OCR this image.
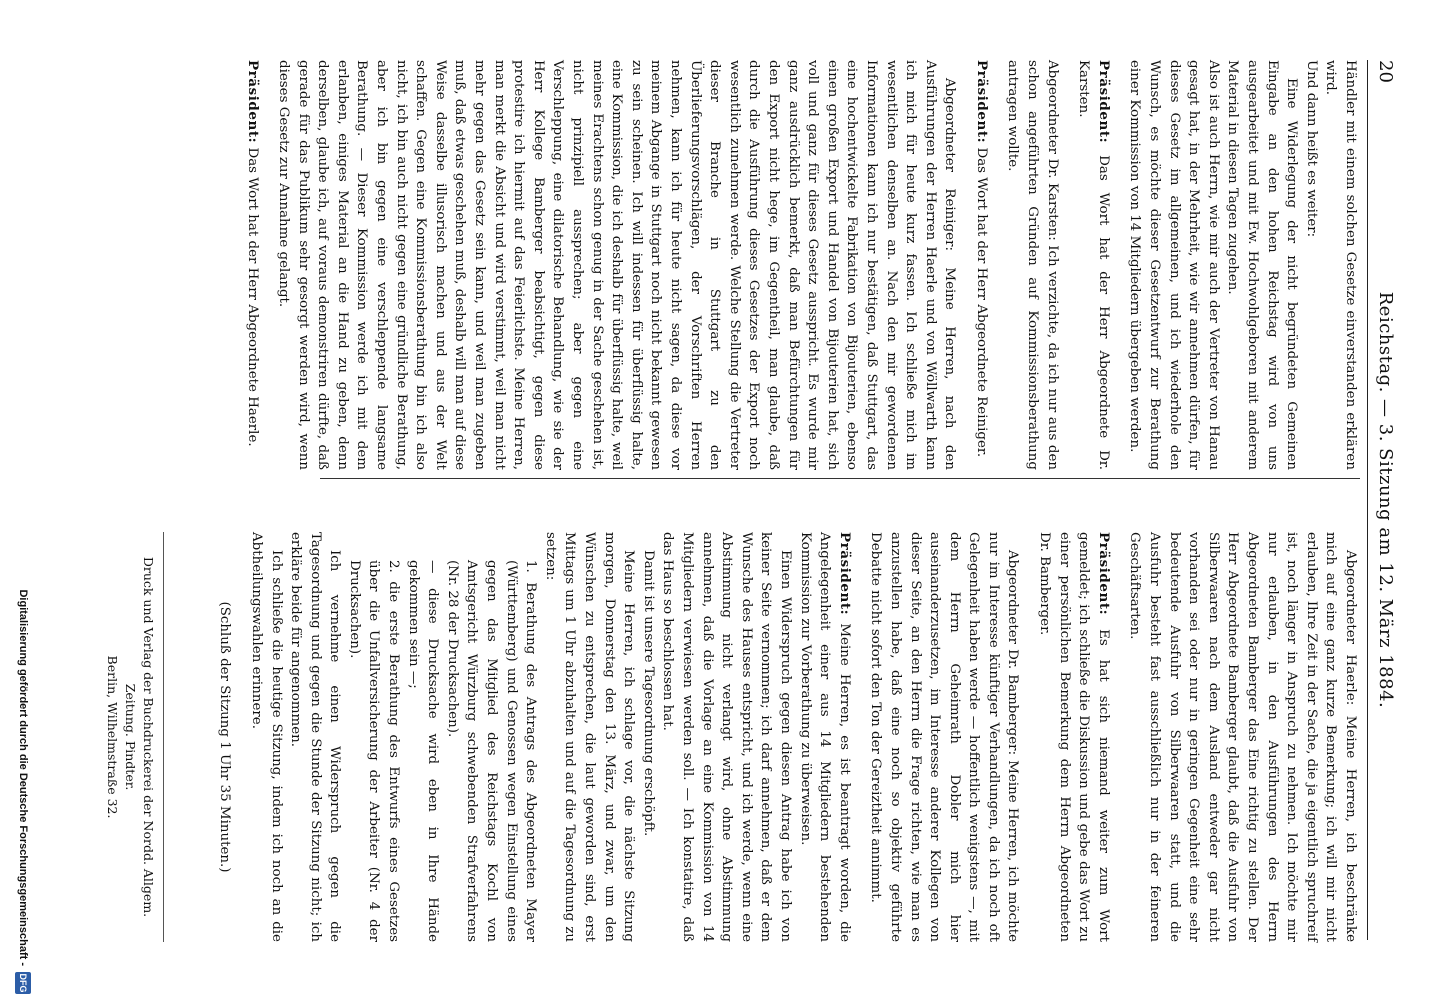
20
Reichstag. — 3. Sitzung am 12. März 1884.

Händler mit einem solchen Gesetze einverstanden erklären wird.

Und dann heißt es weiter:

Eine Widerlegung der nicht begründeten Gemeinen Eingabe an den hohen Reichstag wird von uns ausgearbeitet und mit Ew. Hochwohlgeboren mit anderem Material in diesen Tagen zugehen.

Also ist auch Herrn, wie mir auch der Vertreter von Hanau gesagt hat, in der Mehrheit, wie wir annehmen dürfen, für dieses Gesetz im allgemeinen, und ich wiederhole den Wunsch, es möchte dieser Gesetzentwurf zur Berathung einer Kommission von 14 Mitgliedern übergeben werden.

Präsident: Das Wort hat der Herr Abgeordnete Dr. Karsten.

Abgeordneter Dr. Karsten: Ich verzichte, da ich nur aus den schon angeführten Gründen auf Kommissionsberathung antragen wollte.

Präsident: Das Wort hat der Herr Abgeordnete Reiniger.

Abgeordneter Reiniger: Meine Herren, nach den Ausführungen der Herren Haerle und von Wöllwarth kann ich mich für heute kurz fassen. Ich schließe mich im wesentlichen denselben an. Nach den mir gewordenen Informationen kann ich nur bestätigen, daß Stuttgart, das eine hochentwickelte Fabrikation von Bijouterien, ebenso einen großen Export und Handel von Bijouterien hat, sich voll und ganz für dieses Gesetz ausspricht. Es wurde mir ganz ausdrücklich bemerkt, daß man Befürchtungen für den Export nicht hege, im Gegentheil, man glaube, daß durch die Ausführung dieses Gesetzes der Export noch wesentlich zunehmen werde. Welche Stellung die Vertreter dieser Branche in Stuttgart zu den Überlieferungsvorschlägen, der Vorschriften Herren nehmen, kann ich für heute nicht sagen, da diese vor meinem Abgange in Stuttgart noch nicht bekannt gewesen zu sein scheinen. Ich will indessen für überflüssig halte, eine Kommission, die ich deshalb für überflüssig halte, weil meines Erachtens schon genug in der Sache geschehen ist, nicht prinzipiell aussprechen; aber gegen eine Verschleppung, eine dilatorische Behandlung, wie sie der Herr Kollege Bamberger beabsichtigt, gegen diese protestire ich hiermit auf das Feierlichste. Meine Herren, man merkt die Absicht und wird verstimmt, weil man nicht mehr gegen das Gesetz sein kann, und weil man zugeben muß, daß etwas geschehen muß, deshalb will man auf diese Weise dasselbe illusorisch machen und aus der Welt schaffen. Gegen eine Kommissionsberathung bin ich also nicht, ich bin auch nicht gegen eine gründliche Berathung, aber ich bin gegen eine verschleppende langsame Berathung. — Dieser Kommission werde ich mit dem erlanben, einiges Material an die Hand zu geben, denn derselben, glaube ich, auf voraus demonstriren dürfte, daß gerade für das Publikum sehr gesorgt werden wird, wenn dieses Gesetz zur Annahme gelangt.

Präsident: Das Wort hat der Herr Abgeordnete Haerle.

Abgeordneter Haerle: Meine Herren, ich beschränke mich auf eine ganz kurze Bemerkung; ich will mir nicht erlauben, Ihre Zeit in der Sache, die ja eigentlich spruchreif ist, noch länger in Anspruch zu nehmen. Ich möchte mir nur erlauben, in den Ausführungen des Herrn Abgeordneten Bamberger das Eine richtig zu stellen. Der Herr Abgeordnete Bamberger glaubt, daß die Ausfuhr von Silberwaaren nach dem Ausland entweder gar nicht vorhanden sei oder nur in geringen Gegenheit eine sehr bedeutende Ausfuhr von Silberwaaren statt, und die Ausfuhr besteht fast ausschließlich nur in der feineren Geschäftsarten.

Präsident: Es hat sich niemand weiter zum Wort gemeldet; ich schließe die Diskussion und gebe das Wort zu einer persönlichen Bemerkung dem Herrn Abgeordneten Dr. Bamberger.

Abgeordneter Dr. Bamberger: Meine Herren, ich möchte nur im Interesse künftiger Verhandlungen, da ich noch oft Gelegenheit haben werde — hoffentlich wenigstens —, mit dem Herrn Geheimrath Dobler mich hier auseinanderzusetzen, im Interesse anderer Kollegen von dieser Seite, an den Herrn die Frage richten, wie man es anzustellen habe, daß eine noch so objektiv geführte Debatte nicht sofort den Ton der Gereiztheit annimmt.

Präsident: Meine Herren, es ist beantragt worden, die Angelegenheit einer aus 14 Mitgliedern bestehenden Kommission zur Vorberathung zu überweisen.

Einen Widerspruch gegen diesen Antrag habe ich von keiner Seite vernommen; ich darf annehmen, daß er dem Wunsche des Hauses entspricht, und ich werde, wenn eine Abstimmung nicht verlangt wird, ohne Abstimmung annehmen, daß die Vorlage an eine Kommission von 14 Mitgliedern verwiesen werden soll. — Ich konstatire, daß das Haus so beschlossen hat.

Damit ist unsere Tagesordnung erschöpft.

Meine Herren, ich schlage vor, die nächste Sitzung morgen, Donnerstag den 13. März, und zwar, um den Wünschen zu entsprechen, die laut geworden sind, erst Mittags um 1 Uhr abzuhalten und auf die Tagesordnung zu setzen:

1. Berathung des Antrags des Abgeordneten Mayer (Württemberg) und Genossen wegen Einstellung eines gegen das Mitglied des Reichstags Kochl von Amtsgericht Würzburg schwebenden Strafverfahrens (Nr. 28 der Drucksachen).

— diese Drucksache wird eben in Ihre Hände gekommen sein —;

2. die erste Berathung des Entwurfs eines Gesetzes über die Unfallversicherung der Arbeiter (Nr. 4 der Drucksachen).

Ich vernehme einen Widerspruch gegen die Tagesordnung und gegen die Stunde der Sitzung nicht; ich erkläre beide für angenommen.

Ich schließe die heutige Sitzung, indem ich noch an die Abtheilungswahlen erinnere.

(Schluß der Sitzung 1 Uhr 35 Minuten.)

Druck und Verlag der Buchdruckerei der Nordd. Allgem. Zeitung. Pindter.
Berlin, Wilhelmstraße 32.
Digitalisierung gefördert durch die Deutsche Forschungsgemeinschaft -
DFG
